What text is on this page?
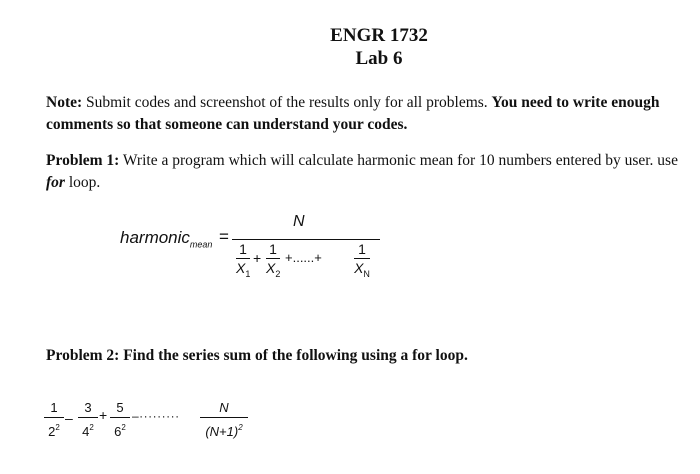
ENGR 1732
Lab 6
Note: Submit codes and screenshot of the results only for all problems. You need to write enough comments so that someone can understand your codes.
Problem 1: Write a program which will calculate harmonic mean for 10 numbers entered by user. use for loop.
harmonic$_{mean}$ =
N
1
$X_1$
+
1
$X_2$
+......+
1
$X_N$
Problem 2: Find the series sum of the following using a for loop.
1
$2^2$
–
3
$4^2$
+ 5
$6^2$
–·········
N
$(N+1)^2$
